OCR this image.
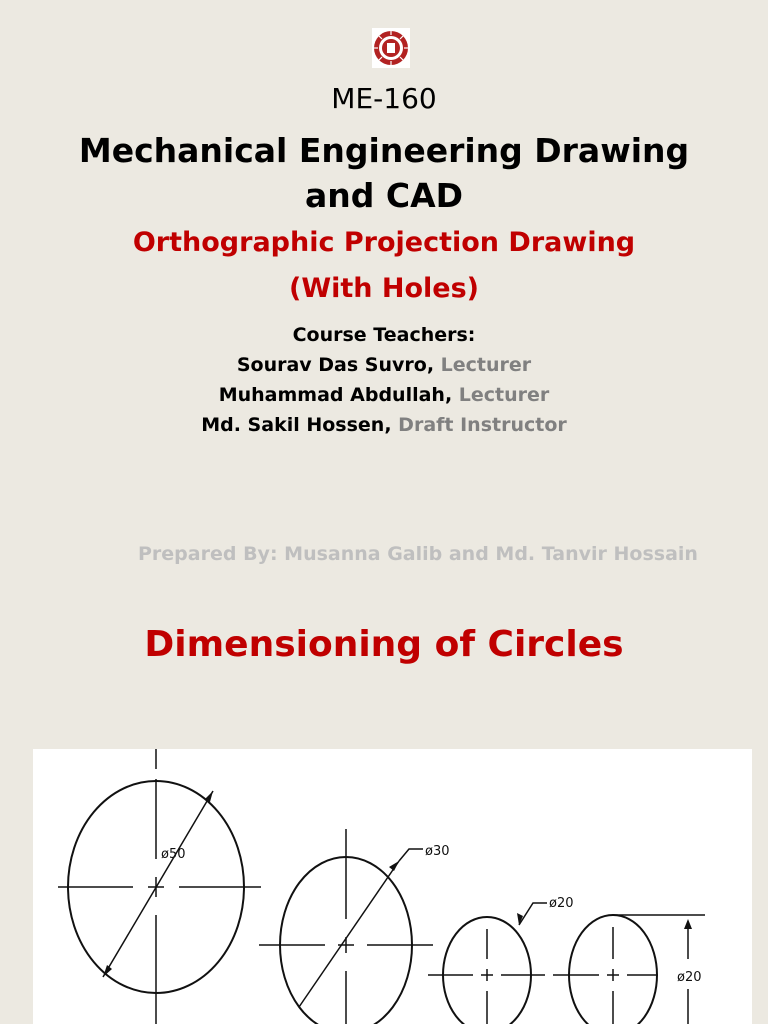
ME-160
Mechanical Engineering Drawing and CAD
Orthographic Projection Drawing
(With Holes)
Course Teachers:
Sourav Das Suvro, Lecturer
Muhammad Abdullah, Lecturer
Md. Sakil Hossen, Draft Instructor
Prepared By: Musanna Galib and Md. Tanvir Hossain
Dimensioning of Circles
ø50	ø30
ø20
ø20
